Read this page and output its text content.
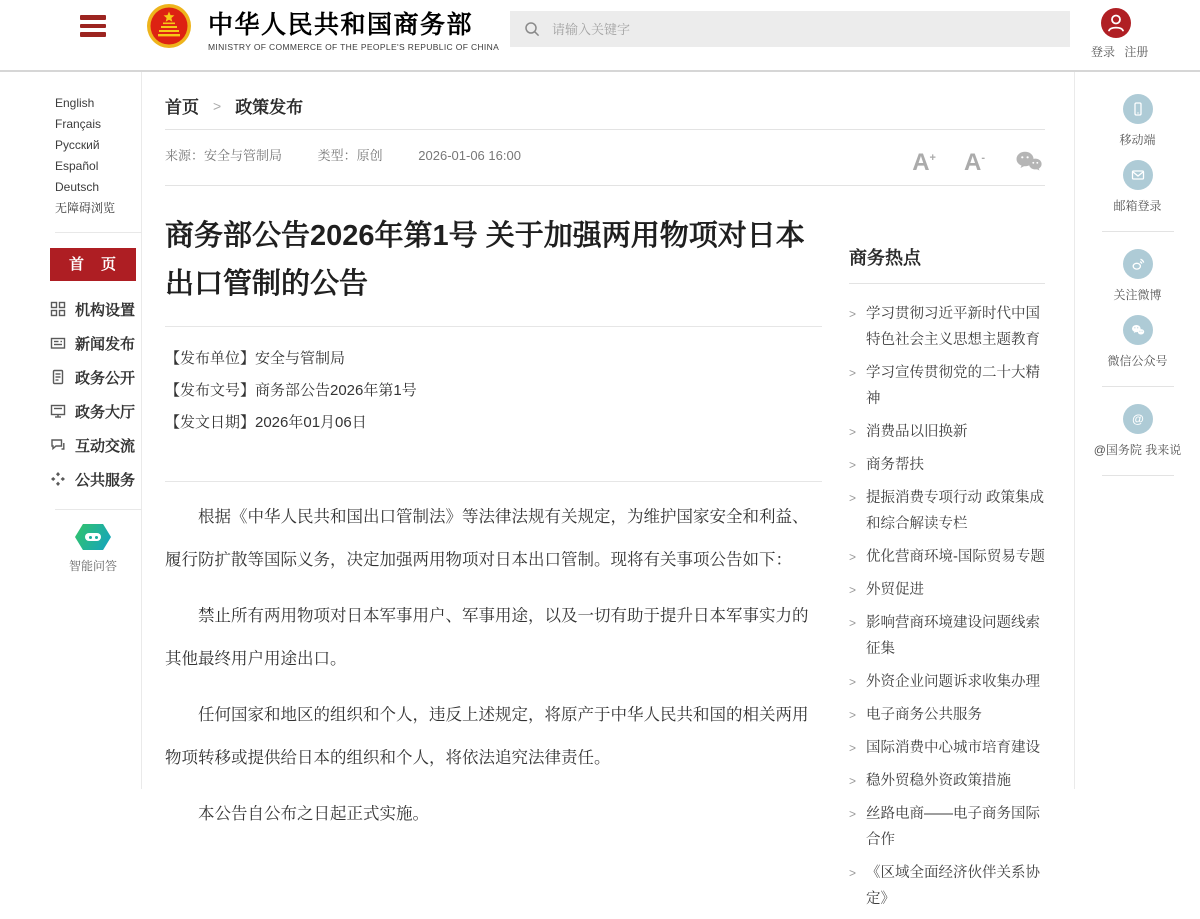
中华人民共和国商务部
MINISTRY OF COMMERCE OF THE PEOPLE'S REPUBLIC OF CHINA
请输入关键字	登录 注册
English Français
Русский Español
Deutsch
无障碍浏览
首　页
机构设置
新闻发布
政务公开
政务大厅
互动交流
公共服务
智能问答
首页 > 政策发布
来源：安全与管制局	类型：原创	2026-01-06 16:00	A+ A-
商务部公告2026年第1号 关于加强两用物项对日本出口管制的公告

【发布单位】安全与管制局

【发布文号】商务部公告2026年第1号

【发文日期】2026年01月06日

根据《中华人民共和国出口管制法》等法律法规有关规定，为维护国家安全和利益、履行防扩散等国际义务，决定加强两用物项对日本出口管制。现将有关事项公告如下：

禁止所有两用物项对日本军事用户、军事用途，以及一切有助于提升日本军事实力的其他最终用户用途出口。

任何国家和地区的组织和个人，违反上述规定，将原产于中华人民共和国的相关两用物项转移或提供给日本的组织和个人，将依法追究法律责任。

本公告自公布之日起正式实施。

商务热点
>
学习贯彻习近平新时代中国特色社会主义思想主题教育
>
学习宣传贯彻党的二十大精神
>
消费品以旧换新
>
商务帮扶
>
提振消费专项行动 政策集成和综合解读专栏
>
优化营商环境-国际贸易专题
>
外贸促进
>
影响营商环境建设问题线索征集
>
外资企业问题诉求收集办理
>
电子商务公共服务
>
国际消费中心城市培育建设
>
稳外贸稳外资政策措施
>
丝路电商——电子商务国际合作
>
《区域全面经济伙伴关系协定》
移动端
邮箱登录
关注微博
微信公众号
@
@国务院 我来说
